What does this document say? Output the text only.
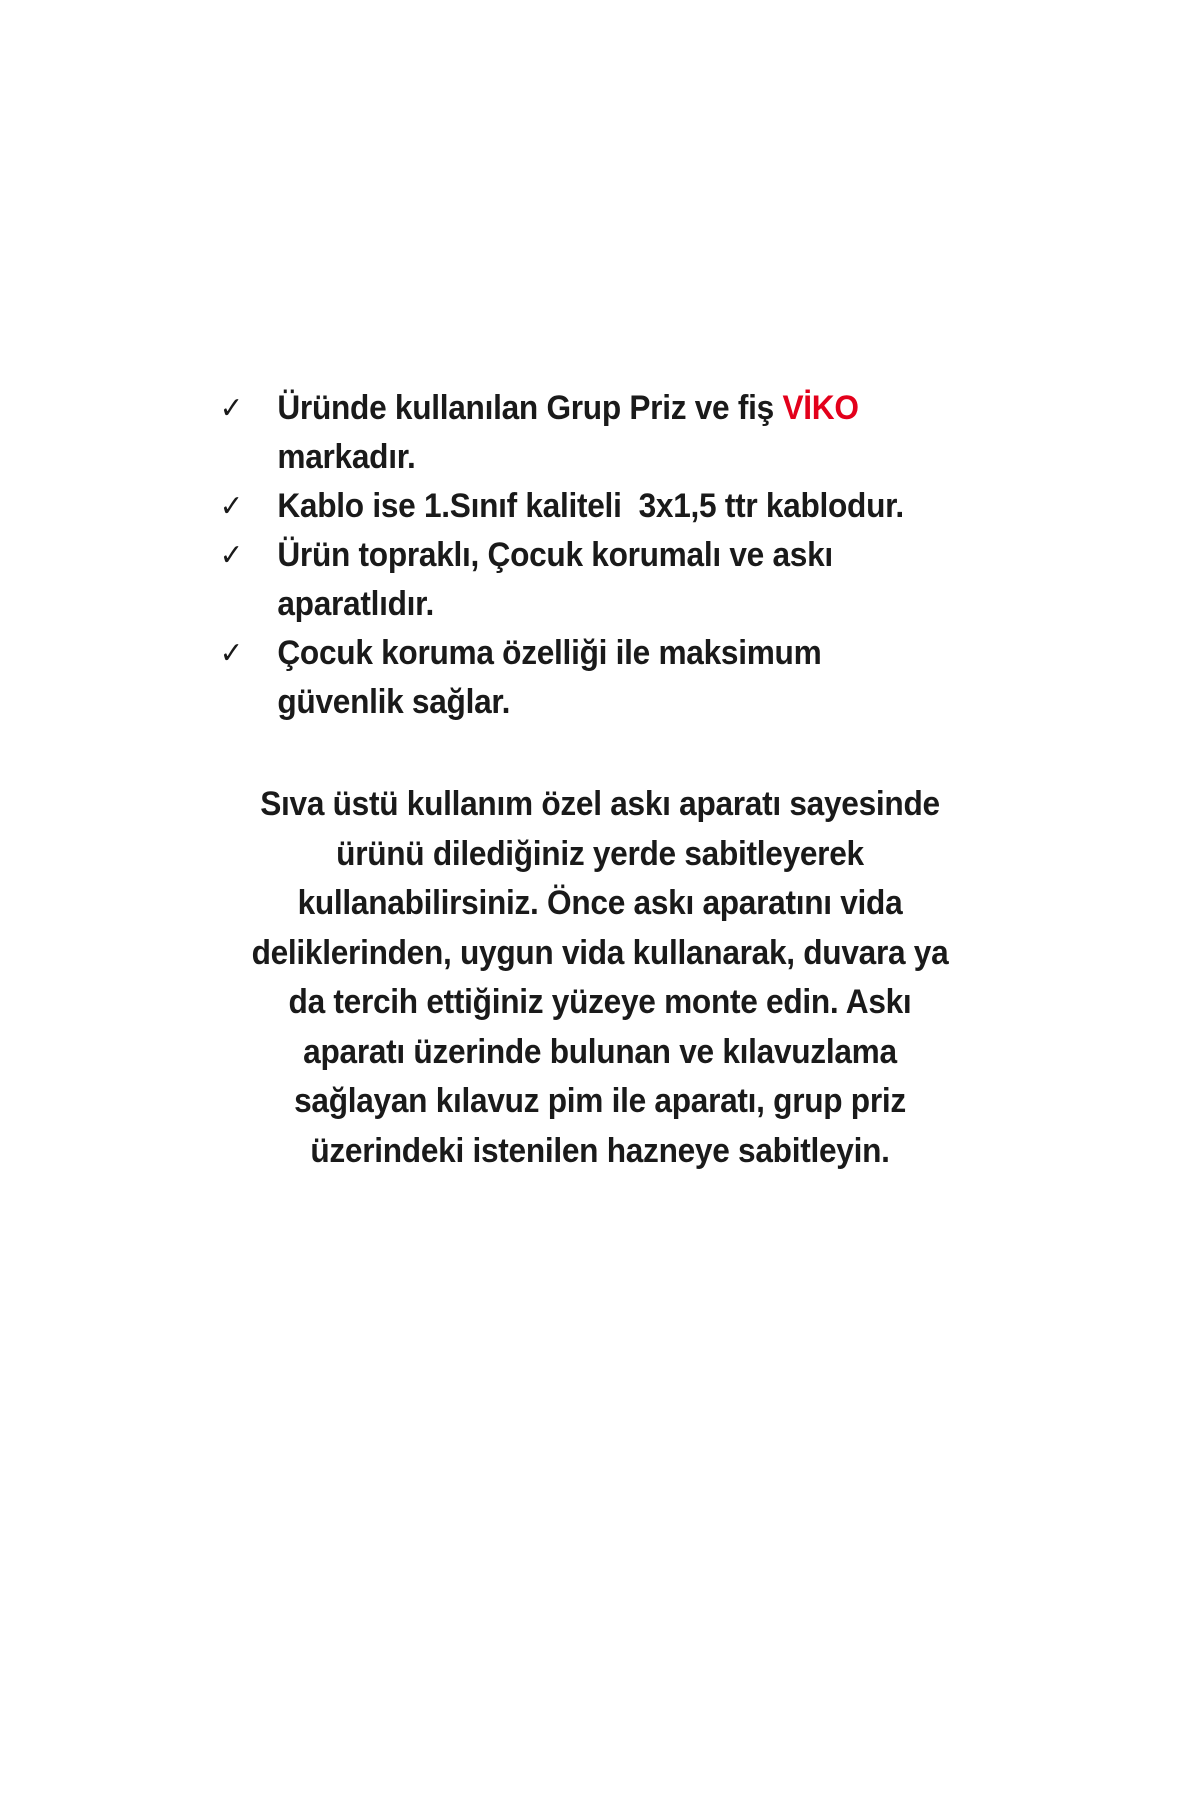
✓ Üründe kullanılan Grup Priz ve fiş VİKO
markadır.
✓ Kablo ise 1.Sınıf kaliteli  3x1,5 ttr kablodur.
✓ Ürün topraklı, Çocuk korumalı ve askı
aparatlıdır.
✓ Çocuk koruma özelliği ile maksimum
güvenlik sağlar.

Sıva üstü kullanım özel askı aparatı sayesinde
ürünü dilediğiniz yerde sabitleyerek
kullanabilirsiniz. Önce askı aparatını vida
deliklerinden, uygun vida kullanarak, duvara ya
da tercih ettiğiniz yüzeye monte edin. Askı
aparatı üzerinde bulunan ve kılavuzlama
sağlayan kılavuz pim ile aparatı, grup priz
üzerindeki istenilen hazneye sabitleyin.
